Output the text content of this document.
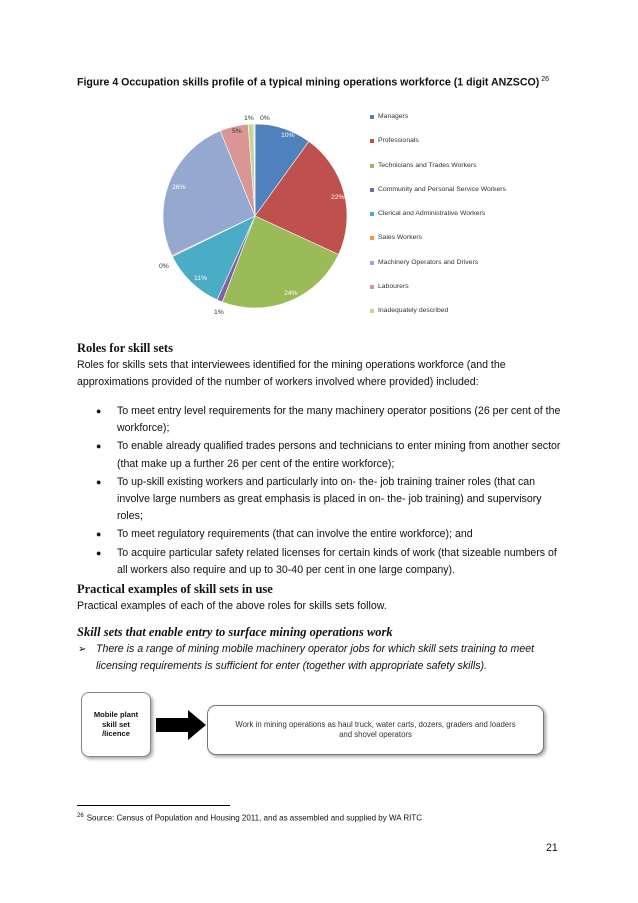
Figure 4 Occupation skills profile of a typical mining operations workforce (1 digit ANZSCO) $^{26}$
10%
22%
24%
1%
11%
0%
26%
5%
1% 0%	Managers
Professionals
Technicians and Trades Workers
Community and Personal Service Workers
Clerical and Administrative Workers
Sales Workers
Machinery Operators and Drivers
Labourers
Inadequately described
Roles for skill sets
Roles for skills sets that interviewees identified for the mining operations workforce (and the approximations provided of the number of workers involved where provided) included:
● To meet entry level requirements for the many machinery operator positions (26 per cent of the workforce);
● To enable already qualified trades persons and technicians to enter mining from another sector (that make up a further 26 per cent of the entire workforce);
● To up-skill existing workers and particularly into on- the- job training trainer roles (that can involve large numbers as great emphasis is placed in on- the- job training) and supervisory roles;
● To meet regulatory requirements (that can involve the entire workforce); and
● To acquire particular safety related licenses for certain kinds of work (that sizeable numbers of all workers also require and up to 30-40 per cent in one large company).
Practical examples of skill sets in use
Practical examples of each of the above roles for skills sets follow.
Skill sets that enable entry to surface mining operations work
➢ There is a range of mining mobile machinery operator jobs for which skill sets training to meet licensing requirements is sufficient for enter (together with appropriate safety skills).
Mobile plant skill set /licence
Work in mining operations as haul truck, water carts, dozers, graders and loaders and shovel operators
$^{26}$ Source: Census of Population and Housing 2011, and as assembled and supplied by WA RITC
21
